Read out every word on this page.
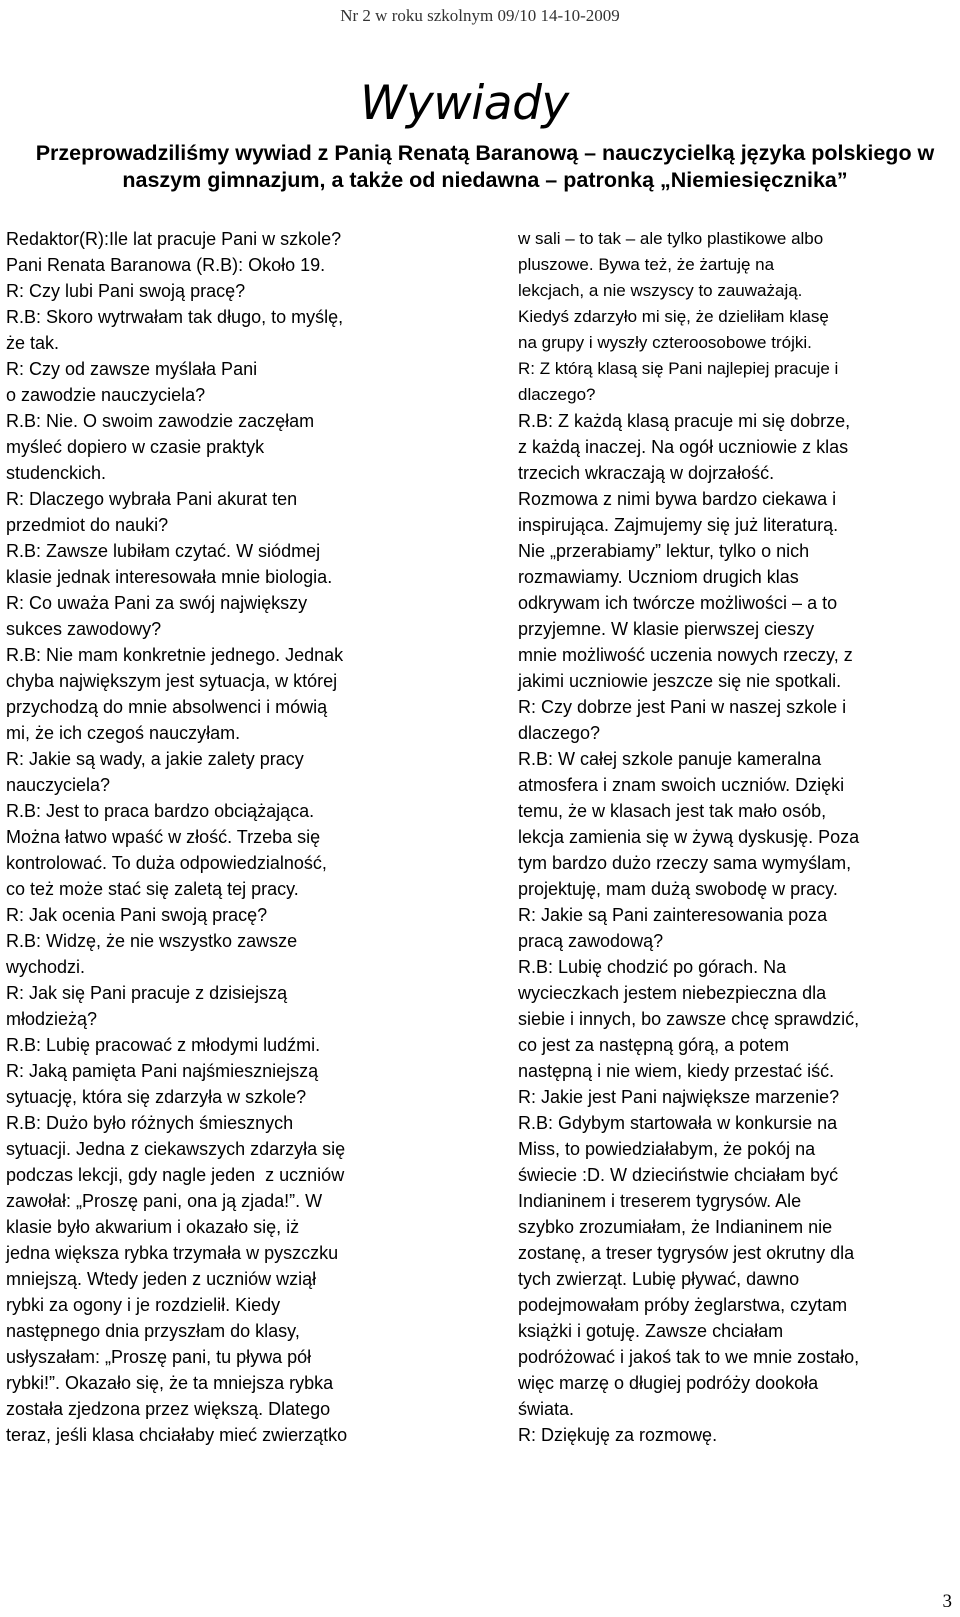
Nr 2 w roku szkolnym 09/10 14-10-2009
Wywiady
Przeprowadziliśmy wywiad z Panią Renatą Baranową – nauczycielką języka polskiego w naszym gimnazjum, a także od niedawna – patronką „Niemiesięcznika”

Redaktor(R):Ile lat pracuje Pani w szkole?

Pani Renata Baranowa (R.B): Około 19.
R: Czy lubi Pani swoją pracę?
R.B: Skoro wytrwałam tak długo, to myślę,
że tak.
R: Czy od zawsze myślała Pani
o zawodzie nauczyciela?
R.B: Nie. O swoim zawodzie zaczęłam
myśleć dopiero w czasie praktyk
studenckich.
R: Dlaczego wybrała Pani akurat ten
przedmiot do nauki?
R.B: Zawsze lubiłam czytać. W siódmej
klasie jednak interesowała mnie biologia.
R: Co uważa Pani za swój największy
sukces zawodowy?
R.B: Nie mam konkretnie jednego. Jednak
chyba największym jest sytuacja, w której
przychodzą do mnie absolwenci i mówią
mi, że ich czegoś nauczyłam.
R: Jakie są wady, a jakie zalety pracy
nauczyciela?
R.B: Jest to praca bardzo obciążająca.
Można łatwo wpaść w złość. Trzeba się
kontrolować. To duża odpowiedzialność,
co też może stać się zaletą tej pracy.
R: Jak ocenia Pani swoją pracę?
R.B: Widzę, że nie wszystko zawsze
wychodzi.
R: Jak się Pani pracuje z dzisiejszą
młodzieżą?
R.B: Lubię pracować z młodymi ludźmi.
R: Jaką pamięta Pani najśmieszniejszą
sytuację, która się zdarzyła w szkole?
R.B: Dużo było różnych śmiesznych
sytuacji. Jedna z ciekawszych zdarzyła się
podczas lekcji, gdy nagle jeden  z uczniów
zawołał: „Proszę pani, ona ją zjada!”. W
klasie było akwarium i okazało się, iż
jedna większa rybka trzymała w pyszczku
mniejszą. Wtedy jeden z uczniów wziął
rybki za ogony i je rozdzielił. Kiedy
następnego dnia przyszłam do klasy,
usłyszałam: „Proszę pani, tu pływa pół
rybki!”. Okazało się, że ta mniejsza rybka
została zjedzona przez większą. Dlatego
teraz, jeśli klasa chciałaby mieć zwierzątko

w sali – to tak – ale tylko plastikowe albo
pluszowe. Bywa też, że żartuję na
lekcjach, a nie wszyscy to zauważają.
Kiedyś zdarzyło mi się, że dzieliłam klasę
na grupy i wyszły czteroosobowe trójki.
R: Z którą klasą się Pani najlepiej pracuje i
dlaczego?
R.B: Z każdą klasą pracuje mi się dobrze,
z każdą inaczej. Na ogół uczniowie z klas
trzecich wkraczają w dojrzałość.
Rozmowa z nimi bywa bardzo ciekawa i
inspirująca. Zajmujemy się już literaturą.
Nie „przerabiamy” lektur, tylko o nich
rozmawiamy. Uczniom drugich klas
odkrywam ich twórcze możliwości – a to
przyjemne. W klasie pierwszej cieszy
mnie możliwość uczenia nowych rzeczy, z
jakimi uczniowie jeszcze się nie spotkali.
R: Czy dobrze jest Pani w naszej szkole i
dlaczego?
R.B: W całej szkole panuje kameralna
atmosfera i znam swoich uczniów. Dzięki
temu, że w klasach jest tak mało osób,
lekcja zamienia się w żywą dyskusję. Poza
tym bardzo dużo rzeczy sama wymyślam,
projektuję, mam dużą swobodę w pracy.
R: Jakie są Pani zainteresowania poza
pracą zawodową?
R.B: Lubię chodzić po górach. Na
wycieczkach jestem niebezpieczna dla
siebie i innych, bo zawsze chcę sprawdzić,
co jest za następną górą, a potem
następną i nie wiem, kiedy przestać iść.
R: Jakie jest Pani największe marzenie?
R.B: Gdybym startowała w konkursie na
Miss, to powiedziałabym, że pokój na
świecie :D. W dzieciństwie chciałam być
Indianinem i treserem tygrysów. Ale
szybko zrozumiałam, że Indianinem nie
zostanę, a treser tygrysów jest okrutny dla
tych zwierząt. Lubię pływać, dawno
podejmowałam próby żeglarstwa, czytam
książki i gotuję. Zawsze chciałam
podróżować i jakoś tak to we mnie zostało,
więc marzę o długiej podróży dookoła
świata.
R: Dziękuję za rozmowę.
3
